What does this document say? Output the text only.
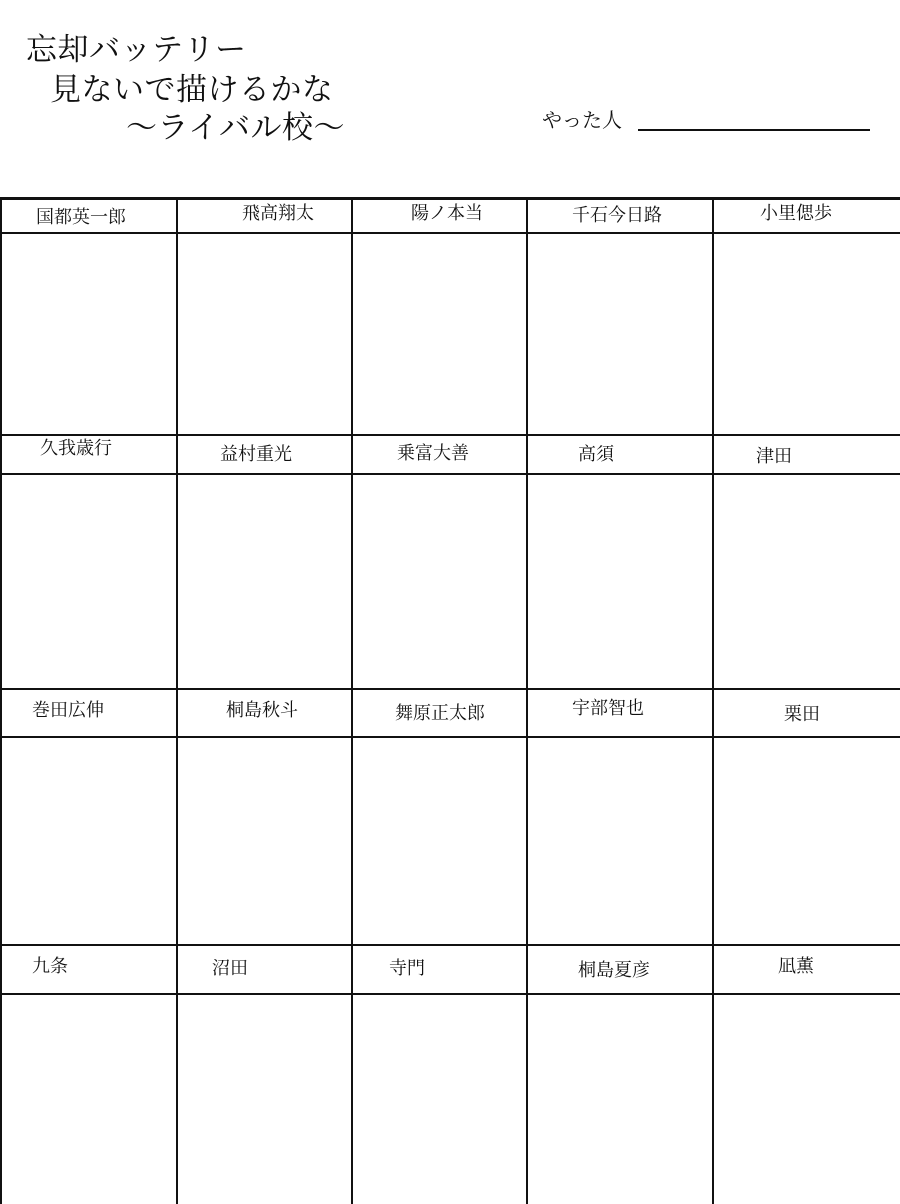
忘却バッテリー
見ないで描けるかな
〜ライバル校〜	やった人
国都英一郎	飛高翔太	陽ノ本当	千石今日路	小里偲歩
久我歳行	益村重光	乗富大善	高須	津田
巻田広伸	桐島秋斗	舞原正太郎	宇部智也	栗田
九条	沼田	寺門	桐島夏彦	凪薫
